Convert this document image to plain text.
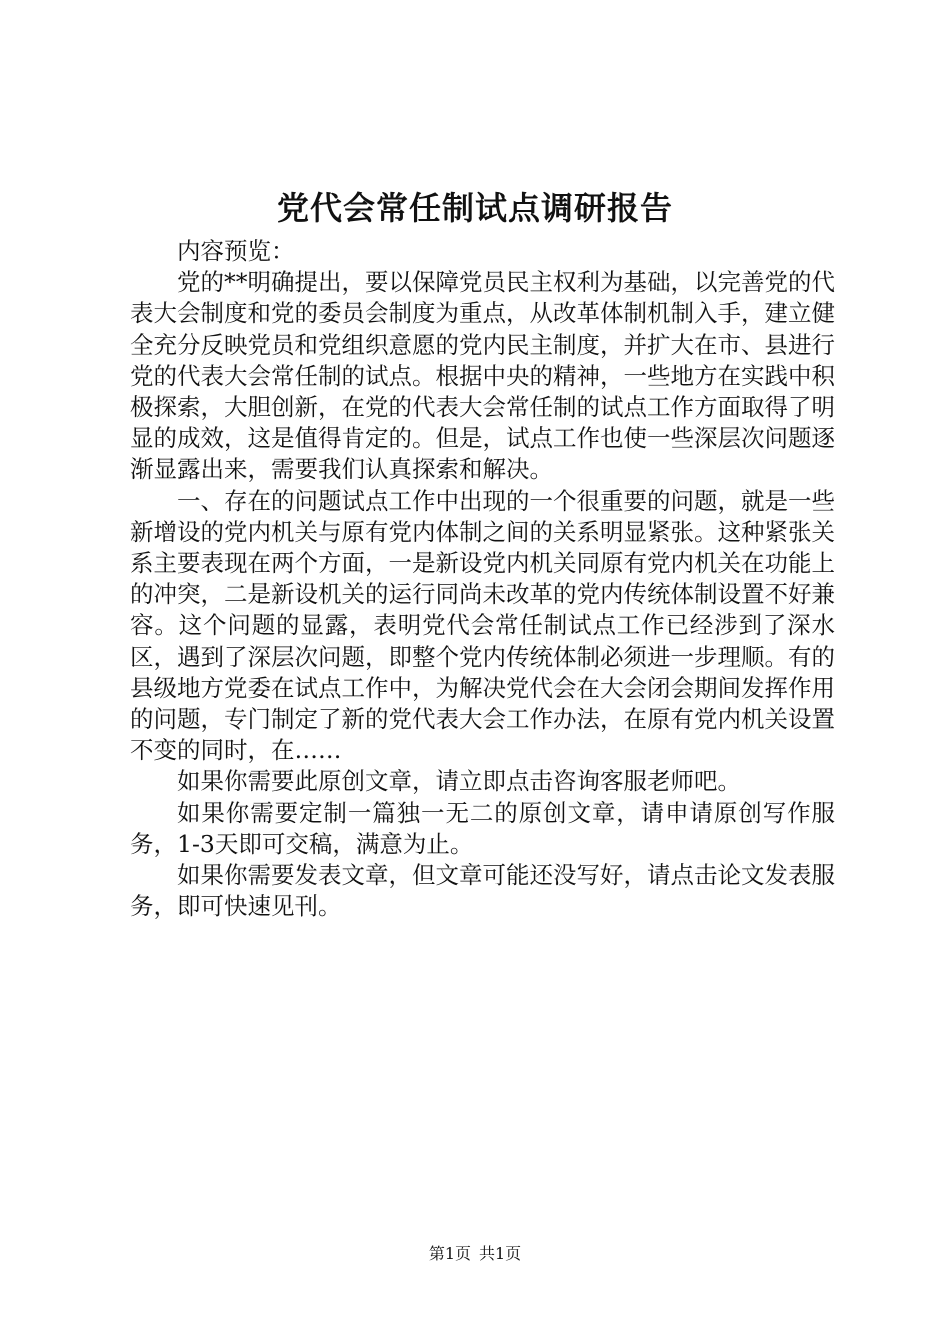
党代会常任制试点调研报告

内容预览：

党的**明确提出，要以保障党员民主权利为基础，以完善党的代表大会制度和党的委员会制度为重点，从改革体制机制入手，建立健全充分反映党员和党组织意愿的党内民主制度，并扩大在市、县进行党的代表大会常任制的试点。根据中央的精神，一些地方在实践中积极探索，大胆创新，在党的代表大会常任制的试点工作方面取得了明显的成效，这是值得肯定的。但是，试点工作也使一些深层次问题逐渐显露出来，需要我们认真探索和解决。

一、存在的问题试点工作中出现的一个很重要的问题，就是一些新增设的党内机关与原有党内体制之间的关系明显紧张。这种紧张关系主要表现在两个方面，一是新设党内机关同原有党内机关在功能上的冲突，二是新设机关的运行同尚未改革的党内传统体制设置不好兼容。这个问题的显露，表明党代会常任制试点工作已经涉到了深水区，遇到了深层次问题，即整个党内传统体制必须进一步理顺。有的县级地方党委在试点工作中，为解决党代会在大会闭会期间发挥作用的问题，专门制定了新的党代表大会工作办法，在原有党内机关设置不变的同时，在……

如果你需要此原创文章，请立即点击咨询客服老师吧。

如果你需要定制一篇独一无二的原创文章，请申请原创写作服务，1-3天即可交稿，满意为止。

如果你需要发表文章，但文章可能还没写好，请点击论文发表服务，即可快速见刊。

第1页 共1页
